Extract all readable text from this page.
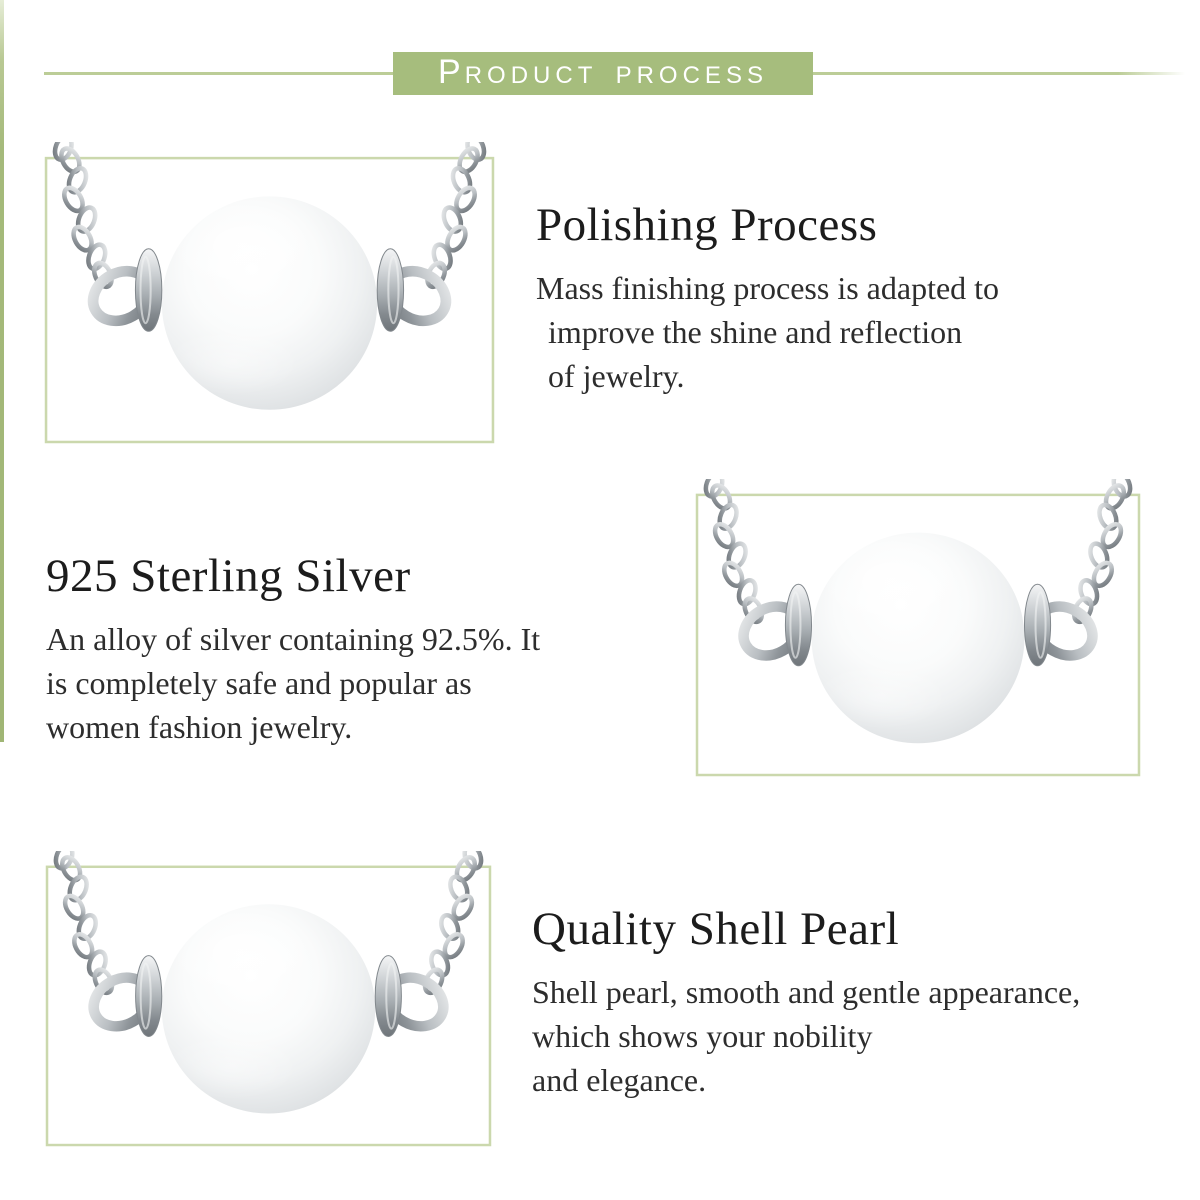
PRODUCT PROCESS
Polishing Process

Mass finishing process is adapted to
improve the shine and reflection
of jewelry.

925 Sterling Silver

An alloy of silver containing 92.5%. It
is completely safe and popular as
women fashion jewelry.

Quality Shell Pearl

Shell pearl, smooth and gentle appearance,
which shows your nobility
and elegance.
